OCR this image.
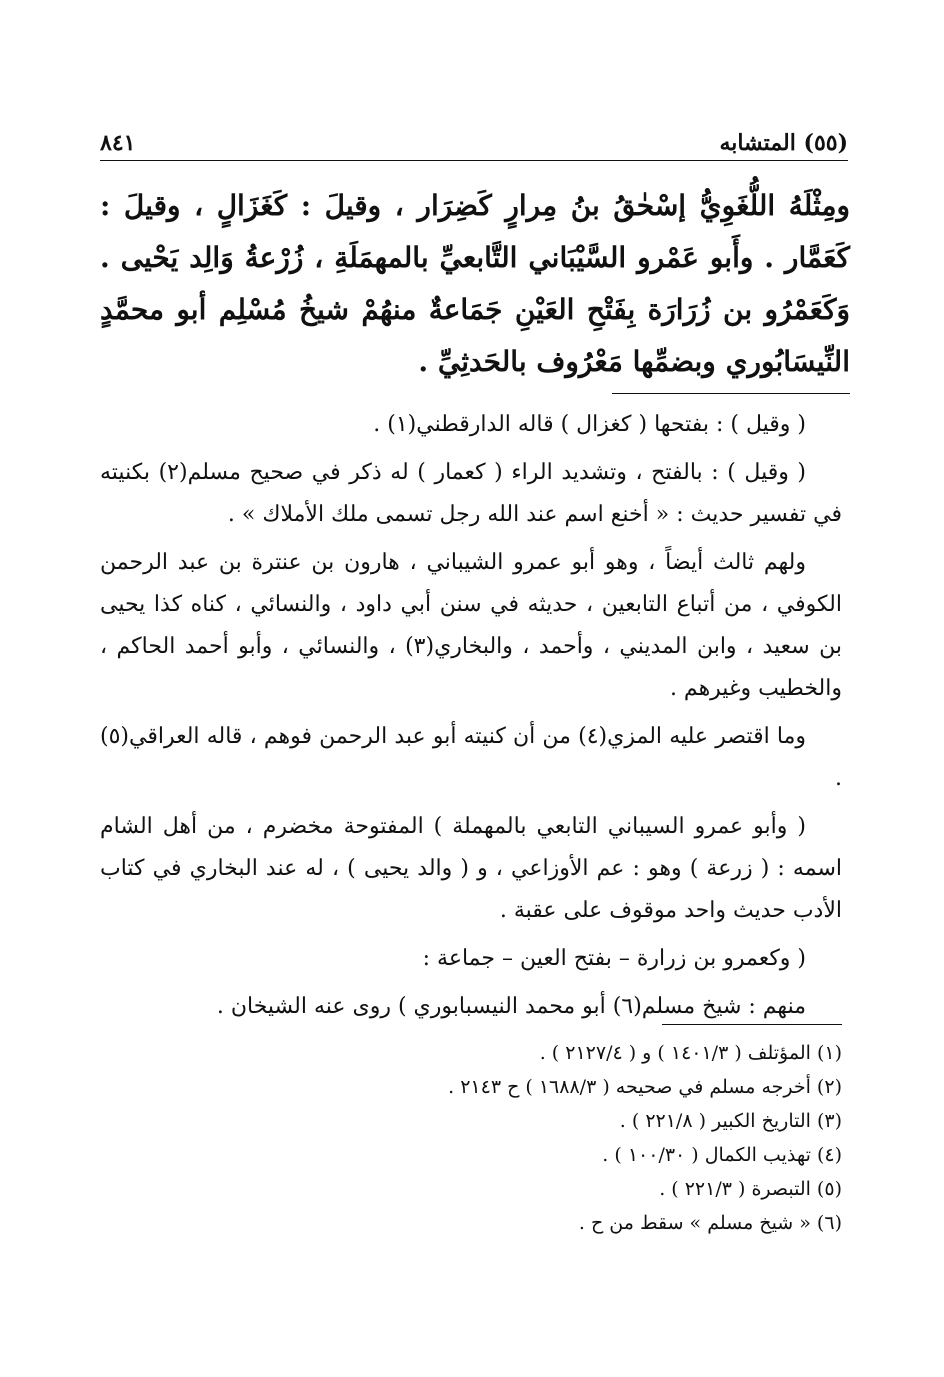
٨٤١	(٥٥) المتشابه
ومِثْلَهُ اللُّغَوِيُّ إسْحٰقُ بنُ مِرارٍ كَضِرَار ، وقيلَ : كَغَزَالٍ ، وقيلَ : كَعَمَّار . وأَبو عَمْرو السَّيْبَاني التَّابعيِّ بالمهمَلَةِ ، زُرْعةُ وَالِد يَحْيى . وَكَعَمْرُو بن زُرَارَة بِفَتْحِ العَيْنِ جَمَاعةٌ منهُمْ شيخُ مُسْلِم أبو محمَّدٍ النِّيسَابُوري وبضمِّها مَعْرُوف بالحَدثِيِّ .

( وقيل ) : بفتحها ( كغزال ) قاله الدارقطني(١) .

( وقيل ) : بالفتح ، وتشديد الراء ( كعمار ) له ذكر في صحيح مسلم(٢) بكنيته في تفسير حديث : « أخنع اسم عند الله رجل تسمى ملك الأملاك » .

ولهم ثالث أيضاً ، وهو أبو عمرو الشيباني ، هارون بن عنترة بن عبد الرحمن الكوفي ، من أتباع التابعين ، حديثه في سنن أبي داود ، والنسائي ، كناه كذا يحيى بن سعيد ، وابن المديني ، وأحمد ، والبخاري(٣) ، والنسائي ، وأبو أحمد الحاكم ، والخطيب وغيرهم .

وما اقتصر عليه المزي(٤) من أن كنيته أبو عبد الرحمن فوهم ، قاله العراقي(٥) .

( وأبو عمرو السيباني التابعي بالمهملة ) المفتوحة مخضرم ، من أهل الشام اسمه : ( زرعة ) وهو : عم الأوزاعي ، و ( والد يحيى ) ، له عند البخاري في كتاب الأدب حديث واحد موقوف على عقبة .

( وكعمرو بن زرارة – بفتح العين – جماعة :

منهم : شيخ مسلم(٦) أبو محمد النيسبابوري ) روى عنه الشيخان .

(١) المؤتلف ( ١٤٠١/٣ ) و ( ٢١٢٧/٤ ) .
(٢) أخرجه مسلم في صحيحه ( ١٦٨٨/٣ ) ح ٢١٤٣ .
(٣) التاريخ الكبير ( ٢٢١/٨ ) .
(٤) تهذيب الكمال ( ١٠٠/٣٠ ) .
(٥) التبصرة ( ٢٢١/٣ ) .
(٦) « شيخ مسلم » سقط من ح .
